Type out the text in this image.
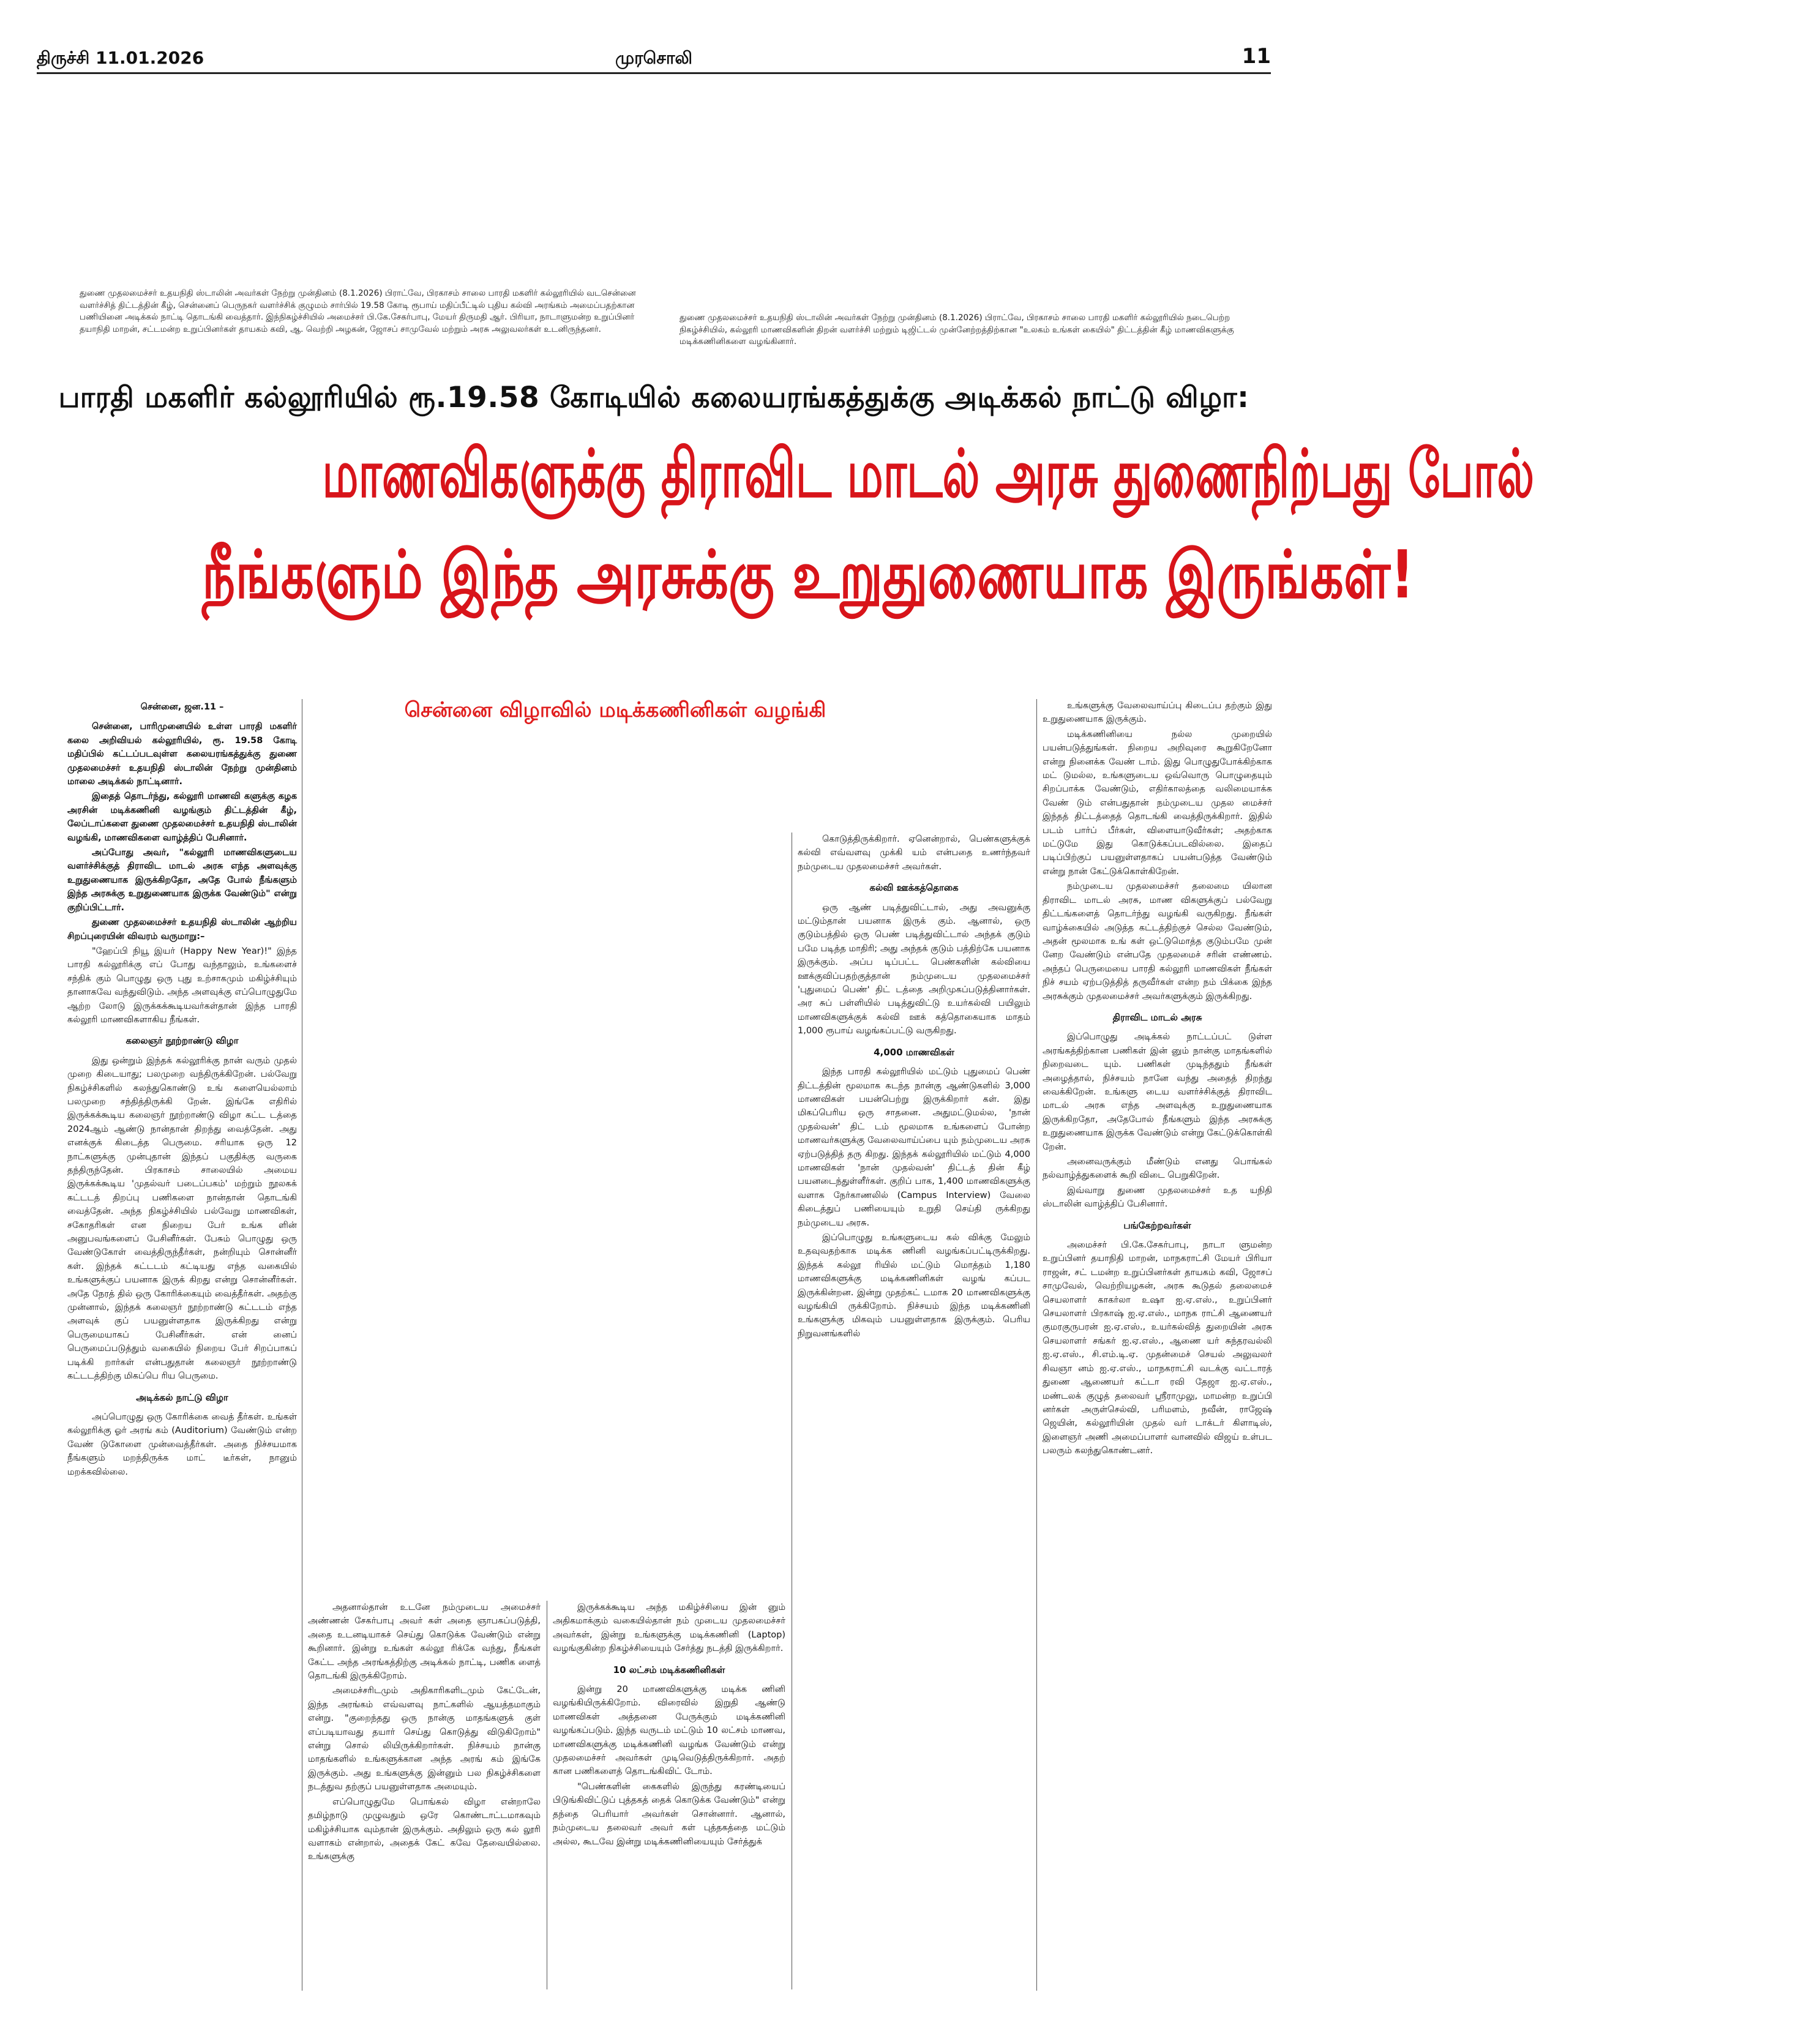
திருச்சி 11.01.2026	முரசொலி	11

துணை முதலமைச்சர் உதயநிதி ஸ்டாலின் அவர்கள் நேற்று முன்தினம் (8.1.2026) பிராட்வே, பிரகாசம் சாலை பாரதி மகளிர் கல்லூரியில் வடசென்னை வளர்ச்சித் திட்டத்தின் கீழ், சென்னைப் பெருநகர் வளர்ச்சிக் குழுமம் சார்பில் 19.58 கோடி ரூபாய் மதிப்பீட்டில் புதிய கல்வி அரங்கம் அமைப்பதற்கான பணியினை அடிக்கல் நாட்டி தொடங்கி வைத்தார். இந்நிகழ்ச்சியில் அமைச்சர் பி.கே.சேகர்பாபு, மேயர் திருமதி ஆர். பிரியா, நாடாளுமன்ற உறுப்பினர் தயாநிதி மாறன், சட்டமன்ற உறுப்பினர்கள் தாயகம் கவி, ஆ. வெற்றி அழகன், ஜோசப் சாமுவேல் மற்றும் அரசு அலுவலர்கள் உடனிருந்தனர்.

துணை முதலமைச்சர் உதயநிதி ஸ்டாலின் அவர்கள் நேற்று முன்தினம் (8.1.2026) பிராட்வே, பிரகாசம் சாலை பாரதி மகளிர் கல்லூரியில் நடைபெற்ற நிகழ்ச்சியில், கல்லூரி மாணவிகளின் திறன் வளர்ச்சி மற்றும் டிஜிட்டல் முன்னேற்றத்திற்கான "உலகம் உங்கள் கையில்" திட்டத்தின் கீழ் மாணவிகளுக்கு மடிக்கணினிகளை வழங்கினார்.

பாரதி மகளிர் கல்லூரியில் ரூ.19.58 கோடியில் கலையரங்கத்துக்கு அடிக்கல் நாட்டு விழா:
மாணவிகளுக்கு திராவிட மாடல் அரசு துணைநிற்பது போல்
நீங்களும் இந்த அரசுக்கு உறுதுணையாக இருங்கள்!
சென்னை விழாவில் மடிக்கணினிகள் வழங்கி
சென்னை, ஜன.11 –

சென்னை, பாரிமுனையில் உள்ள பாரதி மகளிர் கலை அறிவியல் கல்லூரியில், ரூ. 19.58 கோடி மதிப்பில் கட்டப்படவுள்ள கலையரங்கத்துக்கு துணை முதலமைச்சர் உதயநிதி ஸ்டாலின் நேற்று முன்தினம் மாலை அடிக்கல் நாட்டினார்.

இதைத் தொடர்ந்து, கல்லூரி மாணவி களுக்கு கழக அரசின் மடிக்கணினி வழங்கும் திட்டத்தின் கீழ், லேப்டாப்களை துணை முதலமைச்சர் உதயநிதி ஸ்டாலின் வழங்கி, மாணவிகளை வாழ்த்திப் பேசினார்.

அப்போது அவர், "கல்லூரி மாணவிகளுடைய வளர்ச்சிக்குத் திராவிட மாடல் அரசு எந்த அளவுக்கு உறுதுணையாக இருக்கிறதோ, அதே போல் நீங்களும் இந்த அரசுக்கு உறுதுணையாக இருக்க வேண்டும்" என்று குறிப்பிட்டார்.

துணை முதலமைச்சர் உதயநிதி ஸ்டாலின் ஆற்றிய சிறப்புரையின் விவரம் வருமாறு:–

"ஹேப்பி நியூ இயர் (Happy New Year)!" இந்த பாரதி கல்லூரிக்கு எப் போது வந்தாலும், உங்களைச் சந்திக் கும் பொழுது ஒரு புது உற்சாகமும் மகிழ்ச்சியும் தானாகவே வந்துவிடும். அந்த அளவுக்கு எப்பொழுதுமே ஆற்ற லோடு இருக்கக்கூடியவர்கள்தான் இந்த பாரதி கல்லூரி மாணவிகளாகிய நீங்கள்.

கலைஞர் நூற்றாண்டு விழா

இது ஒன்றும் இந்தக் கல்லூரிக்கு நான் வரும் முதல் முறை கிடையாது; பலமுறை வந்திருக்கிறேன். பல்வேறு நிகழ்ச்சிகளில் கலந்துகொண்டு உங் களையெல்லாம் பலமுறை சந்தித்திருக்கி றேன். இங்கே எதிரில் இருக்கக்கூடிய கலைஞர் நூற்றாண்டு விழா கட்ட டத்தை 2024ஆம் ஆண்டு நான்தான் திறந்து வைத்தேன். அது எனக்குக் கிடைத்த பெருமை. சரியாக ஒரு 12 நாட்களுக்கு முன்புதான் இந்தப் பகுதிக்கு வருகை தந்திருந்தேன். பிரகாசம் சாலையில் அமைய இருக்கக்கூடிய 'முதல்வர் படைப்பகம்' மற்றும் நூலகக் கட்டடத் திறப்பு பணிகளை நான்தான் தொடங்கி வைத்தேன். அந்த நிகழ்ச்சியில் பல்வேறு மாணவிகள், சகோதரிகள் என நிறைய பேர் உங்க ளின் அனுபவங்களைப் பேசினீர்கள். பேசும் பொழுது ஒரு வேண்டுகோள் வைத்திருந்தீர்கள், நன்றியும் சொன்னீர் கள். இந்தக் கட்டடம் கட்டியது எந்த வகையில் உங்களுக்குப் பயனாக இருக் கிறது என்று சொன்னீர்கள். அதே நேரத் தில் ஒரு கோரிக்கையும் வைத்தீர்கள். அதற்கு முன்னால், இந்தக் கலைஞர் நூற்றாண்டு கட்டடம் எந்த அளவுக் குப் பயனுள்ளதாக இருக்கிறது என்று பெருமையாகப் பேசினீர்கள். என் னைப் பெருமைப்படுத்தும் வகையில் நிறைய பேர் சிறப்பாகப் படிக்கி றார்கள் என்பதுதான் கலைஞர் நூற்றாண்டு கட்டடத்திற்கு மிகப்பெ ரிய பெருமை.

அடிக்கல் நாட்டு விழா

அப்பொழுது ஒரு கோரிக்கை வைத் தீர்கள். உங்கள் கல்லூரிக்கு ஓர் அரங் கம் (Auditorium) வேண்டும் என்ற வேண் டுகோளை முன்வைத்தீர்கள். அதை நிச்சயமாக நீங்களும் மறந்திருக்க மாட் டீர்கள், நானும் மறக்கவில்லை.

அதனால்தான் உடனே நம்முடைய அமைச்சர் அண்ணன் சேகர்பாபு அவர் கள் அதை ஞாபகப்படுத்தி, அதை உடனடியாகச் செய்து கொடுக்க வேண்டும் என்று கூறினார். இன்று உங்கள் கல்லூ ரிக்கே வந்து, நீங்கள் கேட்ட அந்த அரங்கத்திற்கு அடிக்கல் நாட்டி, பணிக ளைத் தொடங்கி இருக்கிறோம்.

அமைச்சரிடமும் அதிகாரிகளிடமும் கேட்டேன், இந்த அரங்கம் எவ்வளவு நாட்களில் ஆயத்தமாகும் என்று. "குறைந்தது ஒரு நான்கு மாதங்களுக் குள் எப்படியாவது தயார் செய்து கொடுத்து விடுகிறோம்" என்று சொல் லியிருக்கிறார்கள். நிச்சயம் நான்கு மாதங்களில் உங்களுக்கான அந்த அரங் கம் இங்கே இருக்கும். அது உங்களுக்கு இன்னும் பல நிகழ்ச்சிகளை நடத்துவ தற்குப் பயனுள்ளதாக அமையும்.

எப்பொழுதுமே பொங்கல் விழா என்றாலே தமிழ்நாடு முழுவதும் ஒரே கொண்டாட்டமாகவும் மகிழ்ச்சியாக வும்தான் இருக்கும். அதிலும் ஒரு கல் லூரி வளாகம் என்றால், அதைக் கேட் கவே தேவையில்லை. உங்களுக்கு

இருக்கக்கூடிய அந்த மகிழ்ச்சியை இன் னும் அதிகமாக்கும் வகையில்தான் நம் முடைய முதலமைச்சர் அவர்கள், இன்று உங்களுக்கு மடிக்கணினி (Laptop) வழங்குகின்ற நிகழ்ச்சியையும் சேர்த்து நடத்தி இருக்கிறார்.

10 லட்சம் மடிக்கணினிகள்

இன்று 20 மாணவிகளுக்கு மடிக்க ணினி வழங்கியிருக்கிறோம். விரைவில் இறுதி ஆண்டு மாணவிகள் அத்தனை பேருக்கும் மடிக்கணினி வழங்கப்படும். இந்த வருடம் மட்டும் 10 லட்சம் மாணவ, மாணவிகளுக்கு மடிக்கணினி வழங்க வேண்டும் என்று முதலமைச்சர் அவர்கள் முடிவெடுத்திருக்கிறார். அதற் கான பணிகளைத் தொடங்கிவிட் டோம்.

"பெண்களின் கைகளில் இருந்து கரண்டியைப் பிடுங்கிவிட்டுப் புத்தகத் தைக் கொடுக்க வேண்டும்" என்று தந்தை பெரியார் அவர்கள் சொன்னார். ஆனால், நம்முடைய தலைவர் அவர் கள் புத்தகத்தை மட்டும் அல்ல, கூடவே இன்று மடிக்கணினியையும் சேர்த்துக்

கொடுத்திருக்கிறார். ஏனென்றால், பெண்களுக்குக் கல்வி எவ்வளவு முக்கி யம் என்பதை உணர்ந்தவர் நம்முடைய முதலமைச்சர் அவர்கள்.

கல்வி ஊக்கத்தொகை

ஒரு ஆண் படித்துவிட்டால், அது அவனுக்கு மட்டும்தான் பயனாக இருக் கும். ஆனால், ஒரு குடும்பத்தில் ஒரு பெண் படித்துவிட்டால் அந்தக் குடும் பமே படித்த மாதிரி; அது அந்தக் குடும் பத்திற்கே பயனாக இருக்கும். அப்ப டிப்பட்ட பெண்களின் கல்வியை ஊக்குவிப்பதற்குத்தான் நம்முடைய முதலமைச்சர் 'புதுமைப் பெண்' திட் டத்தை அறிமுகப்படுத்தினார்கள். அர சுப் பள்ளியில் படித்துவிட்டு உயர்கல்வி பயிலும் மாணவிகளுக்குக் கல்வி ஊக் கத்தொகையாக மாதம் 1,000 ரூபாய் வழங்கப்பட்டு வருகிறது.

4,000 மாணவிகள்

இந்த பாரதி கல்லூரியில் மட்டும் புதுமைப் பெண் திட்டத்தின் மூலமாக கடந்த நான்கு ஆண்டுகளில் 3,000 மாணவிகள் பயன்பெற்று இருக்கிறார் கள். இது மிகப்பெரிய ஒரு சாதனை. அதுமட்டுமல்ல, 'நான் முதல்வன்' திட் டம் மூலமாக உங்களைப் போன்ற மாணவர்களுக்கு வேலைவாய்ப்பை யும் நம்முடைய அரசு ஏற்படுத்தித் தரு கிறது. இந்தக் கல்லூரியில் மட்டும் 4,000 மாணவிகள் 'நான் முதல்வன்' திட்டத் தின் கீழ் பயனடைந்துள்ளீர்கள். குறிப் பாக, 1,400 மாணவிகளுக்கு வளாக நேர்காணலில் (Campus Interview) வேலை கிடைத்துப் பணியையும் உறுதி செய்தி ருக்கிறது நம்முடைய அரசு.

இப்பொழுது உங்களுடைய கல் விக்கு மேலும் உதவுவதற்காக மடிக்க ணினி வழங்கப்பட்டிருக்கிறது. இந்தக் கல்லூ ரியில் மட்டும் மொத்தம் 1,180 மாணவிகளுக்கு மடிக்கணினிகள் வழங் கப்பட இருக்கின்றன. இன்று முதற்கட் டமாக 20 மாணவிகளுக்கு வழங்கியி ருக்கிறோம். நிச்சயம் இந்த மடிக்கணினி உங்களுக்கு மிகவும் பயனுள்ளதாக இருக்கும். பெரிய நிறுவனங்களில்

உங்களுக்கு வேலைவாய்ப்பு கிடைப்ப தற்கும் இது உறுதுணையாக இருக்கும்.

மடிக்கணினியை நல்ல முறையில் பயன்படுத்துங்கள். நிறைய அறிவுரை கூறுகிறேனோ என்று நினைக்க வேண் டாம். இது பொழுதுபோக்கிற்காக மட் டுமல்ல, உங்களுடைய ஒவ்வொரு பொழுதையும் சிறப்பாக்க வேண்டும், எதிர்காலத்தை வலிமையாக்க வேண் டும் என்பதுதான் நம்முடைய முதல மைச்சர் இந்தத் திட்டத்தைத் தொடங்கி வைத்திருக்கிறார். இதில் படம் பார்ப் பீர்கள், விளையாடுவீர்கள்; அதற்காக மட்டுமே இது கொடுக்கப்படவில்லை. இதைப் படிப்பிற்குப் பயனுள்ளதாகப் பயன்படுத்த வேண்டும் என்று நான் கேட்டுக்கொள்கிறேன்.

நம்முடைய முதலமைச்சர் தலைமை யிலான திராவிட மாடல் அரசு, மாண விகளுக்குப் பல்வேறு திட்டங்களைத் தொடர்ந்து வழங்கி வருகிறது. நீங்கள் வாழ்க்கையில் அடுத்த கட்டத்திற்குச் செல்ல வேண்டும், அதன் மூலமாக உங் கள் ஒட்டுமொத்த குடும்பமே முன் னேற வேண்டும் என்பதே முதலமைச் சரின் எண்ணம். அந்தப் பெருமையை பாரதி கல்லூரி மாணவிகள் நீங்கள் நிச் சயம் ஏற்படுத்தித் தருவீர்கள் என்ற நம் பிக்கை இந்த அரசுக்கும் முதலமைச்சர் அவர்களுக்கும் இருக்கிறது.

திராவிட மாடல் அரசு

இப்பொழுது அடிக்கல் நாட்டப்பட் டுள்ள அரங்கத்திற்கான பணிகள் இன் னும் நான்கு மாதங்களில் நிறைவடை யும். பணிகள் முடிந்ததும் நீங்கள் அழைத்தால், நிச்சயம் நானே வந்து அதைத் திறந்து வைக்கிறேன். உங்களு டைய வளர்ச்சிக்குத் திராவிட மாடல் அரசு எந்த அளவுக்கு உறுதுணையாக இருக்கிறதோ, அதேபோல் நீங்களும் இந்த அரசுக்கு உறுதுணையாக இருக்க வேண்டும் என்று கேட்டுக்கொள்கி றேன்.

அனைவருக்கும் மீண்டும் எனது பொங்கல் நல்வாழ்த்துகளைக் கூறி விடை பெறுகிறேன்.

இவ்வாறு துணை முதலமைச்சர் உத யநிதி ஸ்டாலின் வாழ்த்திப் பேசினார்.

பங்கேற்றவர்கள்

அமைச்சர் பி.கே.சேகர்பாபு, நாடா ளுமன்ற உறுப்பினர் தயாநிதி மாறன், மாநகராட்சி மேயர் பிரியா ராஜன், சட் டமன்ற உறுப்பினர்கள் தாயகம் கவி, ஜோசப் சாமுவேல், வெற்றியழகன், அரசு கூடுதல் தலைமைச் செயலாளர் காகர்லா உஷா ஐ.ஏ.எஸ்., உறுப்பினர் செயலாளர் பிரகாஷ் ஐ.ஏ.எஸ்., மாநக ராட்சி ஆணையர் குமரகுருபரன் ஐ.ஏ.எஸ்., உயர்கல்வித் துறையின் அரசு செயலாளர் சங்கர் ஐ.ஏ.எஸ்., ஆணை யர் சுந்தரவல்லி ஐ.ஏ.எஸ்., சி.எம்.டி.ஏ. முதன்மைச் செயல் அலுவலர் சிவஞா னம் ஐ.ஏ.எஸ்., மாநகராட்சி வடக்கு வட்டாரத் துணை ஆணையர் கட்டா ரவி தேஜா ஐ.ஏ.எஸ்., மண்டலக் குழுத் தலைவர் ஸ்ரீராமுலு, மாமன்ற உறுப்பி னர்கள் அருள்செல்வி, பரிமளம், நவீன், ராஜேஷ் ஜெயின், கல்லூரியின் முதல் வர் டாக்டர் கிளாடிஸ், இளைஞர் அணி அமைப்பாளர் வானவில் விஜய் உள்பட பலரும் கலந்துகொண்டனர்.
